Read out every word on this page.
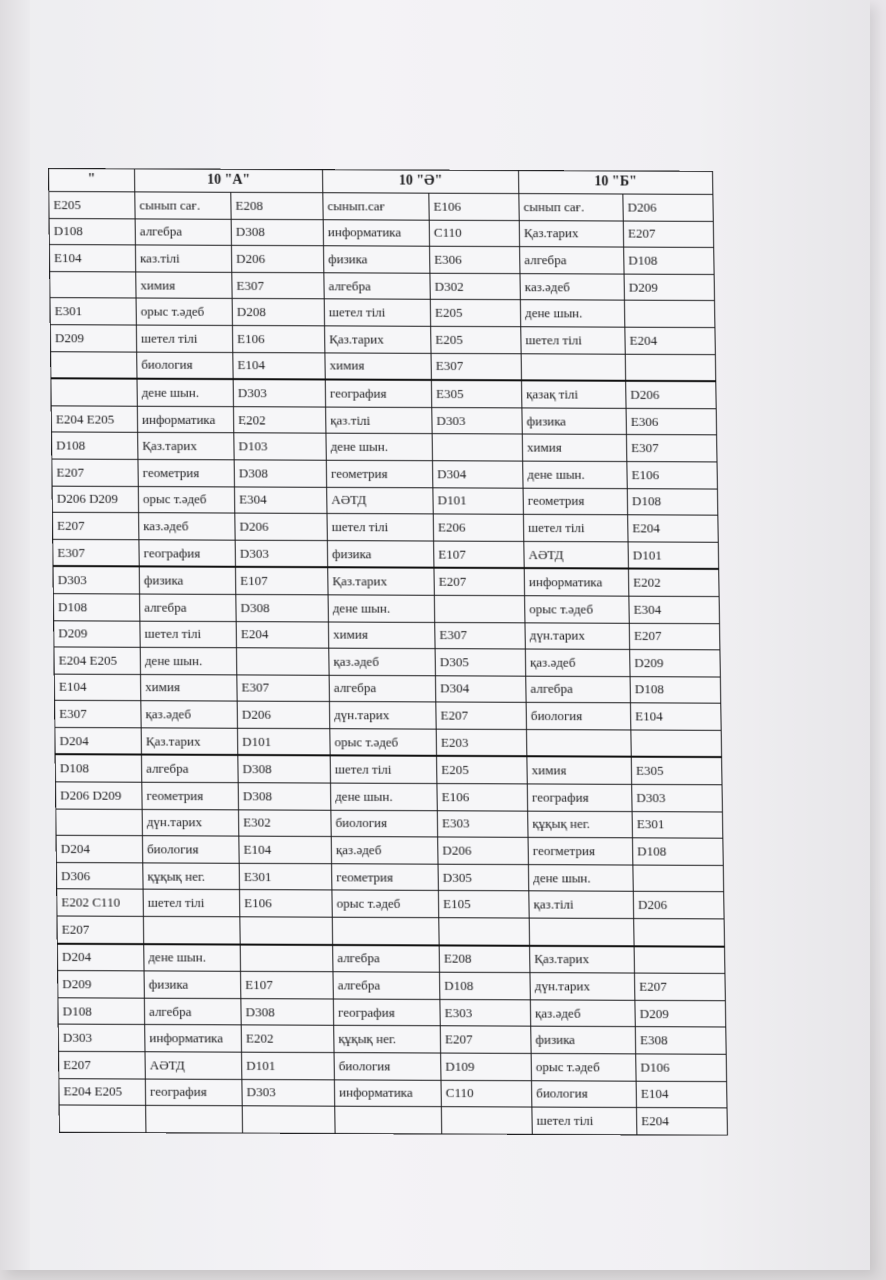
"	10 "А"		10 "Ә"		10 "Б"	
E205	сынып сағ.	E208	сынып.сағ	E106	сынып сағ.	D206
D108	алгебра	D308	информатика	C110	Қаз.тарих	E207
E104	каз.тілі	D206	физика	E306	алгебра	D108
	химия	E307	алгебра	D302	каз.әдеб	D209
E301	орыс т.әдеб	D208	шетел тілі	E205	дене шын.	
D209	шетел тілі	E106	Қаз.тарих	E205	шетел тілі	E204
	биология	E104	химия	E307		
	дене шын.	D303	география	E305	қазақ тілі	D206
E204 E205	информатика	E202	қаз.тілі	D303	физика	E306
D108	Қаз.тарих	D103	дене шын.		химия	E307
E207	геометрия	D308	геометрия	D304	дене шын.	E106
D206 D209	орыс т.әдеб	E304	АӘТД	D101	геометрия	D108
E207	каз.әдеб	D206	шетел тілі	E206	шетел тілі	E204
E307	география	D303	физика	E107	АӘТД	D101
D303	физика	E107	Қаз.тарих	E207	информатика	E202
D108	алгебра	D308	дене шын.		орыс т.әдеб	E304
D209	шетел тілі	E204	химия	E307	дүн.тарих	E207
E204 E205	дене шын.		қаз.әдеб	D305	қаз.әдеб	D209
E104	химия	E307	алгебра	D304	алгебра	D108
E307	қаз.әдеб	D206	дүн.тарих	E207	биология	E104
D204	Қаз.тарих	D101	орыс т.әдеб	E203		
D108	алгебра	D308	шетел тілі	E205	химия	E305
D206 D209	геометрия	D308	дене шын.	E106	география	D303
	дүн.тарих	E302	биология	E303	құқық нег.	E301
D204	биология	E104	қаз.әдеб	D206	геогметрия	D108
D306	құқық нег.	E301	геометрия	D305	дене шын.	
E202 C110	шетел тілі	E106	орыс т.әдеб	E105	қаз.тілі	D206
E207						
D204	дене шын.		алгебра	E208	Қаз.тарих	
D209	физика	E107	алгебра	D108	дүн.тарих	E207
D108	алгебра	D308	география	E303	қаз.әдеб	D209
D303	информатика	E202	құқық нег.	E207	физика	E308
E207	АӘТД	D101	биология	D109	орыс т.әдеб	D106
E204 E205	география	D303	информатика	C110	биология	E104
					шетел тілі	E204
